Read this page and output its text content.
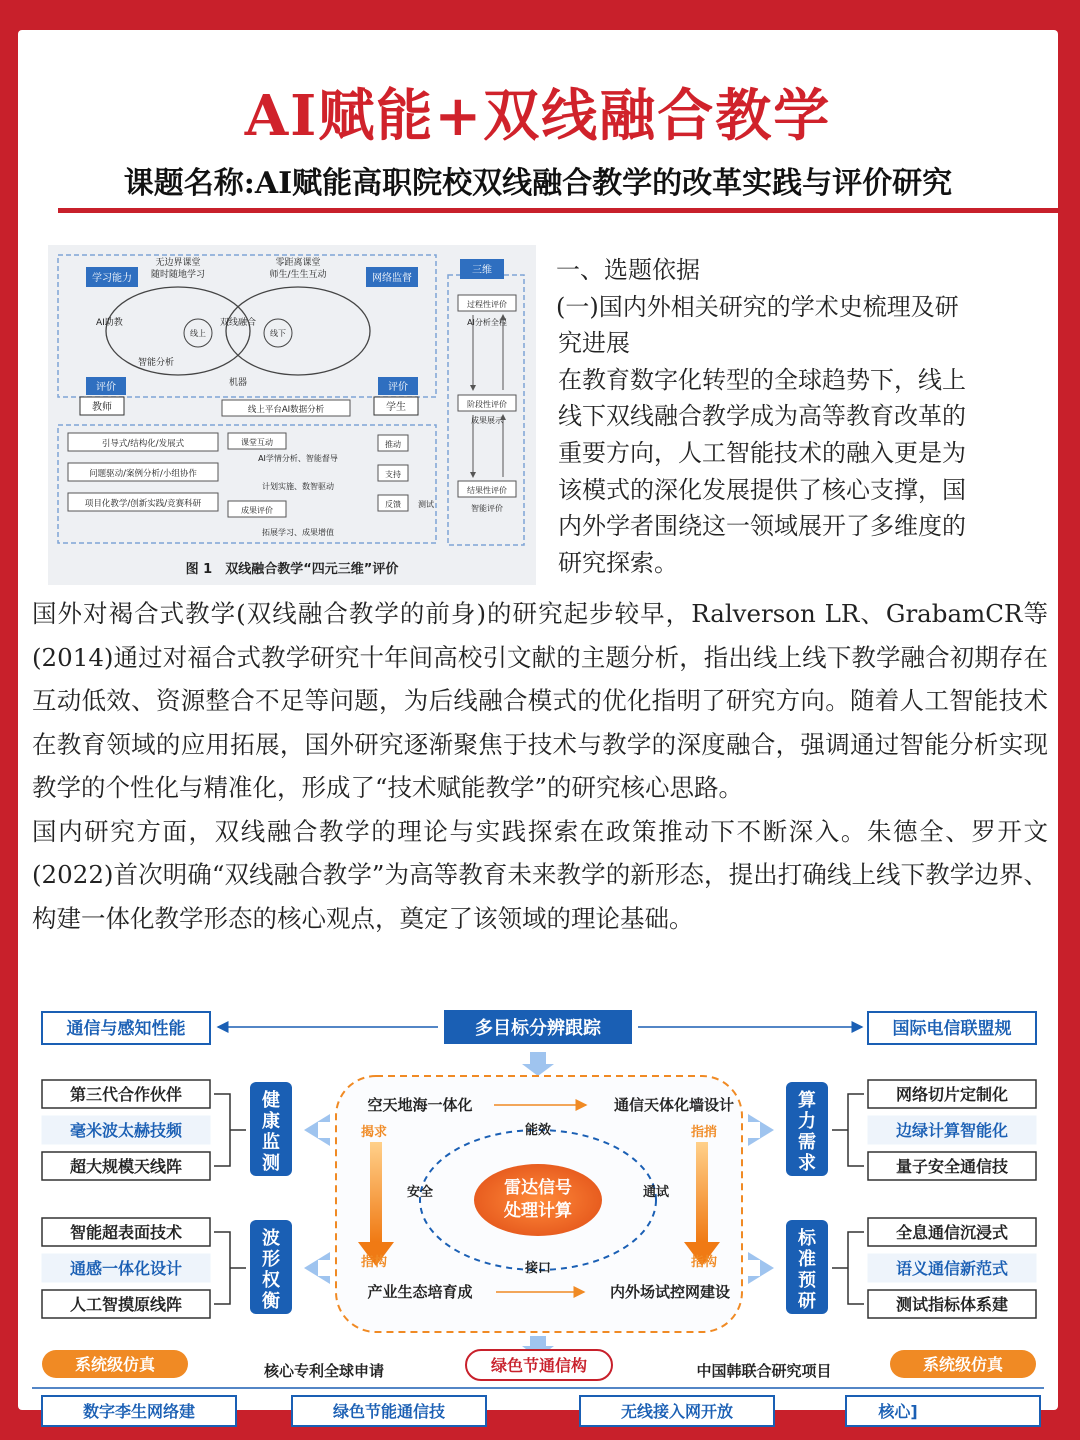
AI赋能+双线融合教学
课题名称:AI赋能高职院校双线融合教学的改革实践与评价研究
学习能力	网络监督
三维
评价
教师
评价
学生
无边界课堂
随时随地学习
零距离课堂
师生/生生互动
AI助教
线上	线下
双线融合
智能分析
机器
过程性评价
AI分析全程
阶段性评价
成果展示
结果性评价
智能评价
引导式/结构化/发展式
问题驱动/案例分析/小组协作
项目化教学/创新实践/竞赛科研
线上平台AI数据分析
课堂互动
AI学情分析、智能督导
计划实施、数智驱动
成果评价
拓展学习、成果增值
推动
支持
反馈 测试
图 1　双线融合教学“四元三维”评价

一、选题依据

(一)国内外相关研究的学术史梳理及研

究进展

在教育数字化转型的全球趋势下，线上

线下双线融合教学成为高等教育改革的

重要方向，人工智能技术的融入更是为

该模式的深化发展提供了核心支撑，国

内外学者围绕这一领域展开了多维度的

研究探索。

国外对褐合式教学(双线融合教学的前身)的研究起步较早，Ralverson LR、GrabamCR等(2014)通过对福合式教学研究十年间高校引文献的主题分析，指出线上线下教学融合初期存在互动低效、资源整合不足等问题，为后线融合模式的优化指明了研究方向。随着人工智能技术在教育领域的应用拓展，国外研究逐渐聚焦于技术与教学的深度融合，强调通过智能分析实现教学的个性化与精准化，形成了“技术赋能教学”的研究核心思路。

国内研究方面，双线融合教学的理论与实践探索在政策推动下不断深入。朱德全、罗开文(2022)首次明确“双线融合教学”为高等教育未来教学的新形态，提出打确线上线下教学边界、构建一体化教学形态的核心观点，奠定了该领域的理论基础。

通信与感知性能	多目标分辨跟踪	国际电信联盟规
第三代合作伙伴
毫米波太赫技频
超大规模天线阵
健康监测
智能超表面技术
通感一体化设计
人工智摸原线阵
波形权衡
网络切片定制化
边绿计算智能化
量子安全通信技
算力需求
全息通信沉浸式
语义通信新范式
测试指标体系建
标准预研
雷达信号
处理计算
空天地海一体化	通信天体化墙设计
产业生态培育成	内外场试控网建设
能效
安全	通试
接口
揭求	指捎
指构	指构
系统级仿真	核心专利全球申请	绿色节通信构	中国韩联合研究项目	系统级仿真
数字李生网络建	绿色节能通信技	无线接入网开放	核心]
